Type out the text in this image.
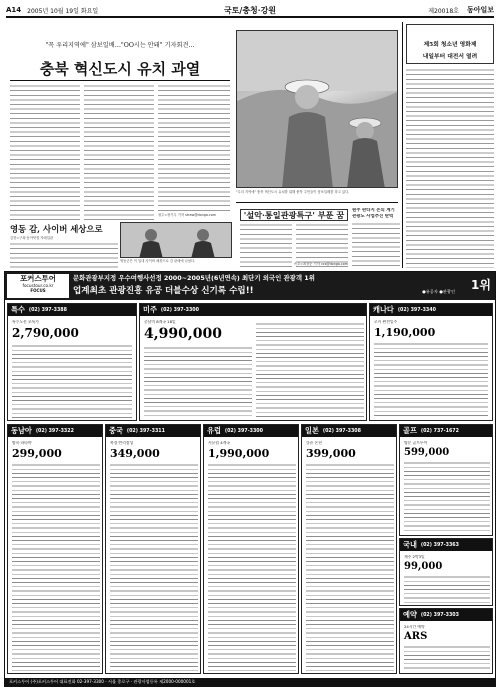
A14 2005년 10월 19일 화요일	국토/충청·강원	제20018호 동아일보
"꼭 우리지역에" 삼보일배…"OO시는 안돼" 기자회견…
충북 혁신도시 유치 과열
청주=장기우 기자 straw@donga.com
"우리 지역에" 충북 혁신도시 유치를 위해 충북 주민들이 삼보일배를 하고 있다.
제5회 청소년 영화제
내일부터 대전서 열려
영동 감, 사이버 세상으로
김천=구희·동아닷컴 자매업판
영동군은 이 일대 사이버 매장으로 감 판매에 나섰다.
'설악·통일관광특구' 부푼 꿈
속초=최창순 기자 ccs@donga.com
원주 판타지 논의 계기
관광도 사업추진 탄력
포커스투어
focustour.co.kr
FOCUS
문화관광부지정 우수여행사선정 2000~2005년(6년연속) 최단기 외국인 관광객 1위
업계최초 관광진흥 유공 더블수상 신기록 수립!!	1위
●유공자 ●관광인
특수 (02) 397-3388
특수노선 초특가
2,790,000
미주 (02) 397-3300
중남미 8개국 18일
4,990,000
캐나다 (02) 397-3340
로키 완전일주
1,190,000
동남아 (02) 397-3322
방콕·파타야
299,000
중국 (02) 397-3311
북경·만리장성
349,000
유럽 (02) 397-3300
서유럽 4개국
1,990,000
일본 (02) 397-3308
큐슈 온천
399,000
골프 (02) 737-1672
명문 골프투어
599,000
국내 (02) 397-3363
제주 2박3일
99,000
예약 (02) 397-3303
24시간 예약
ARS
포커스투어 (주)포커스투어 대표전화 02-397-3300 · 서울 종로구 · 관광사업등록 제2000-000001호
